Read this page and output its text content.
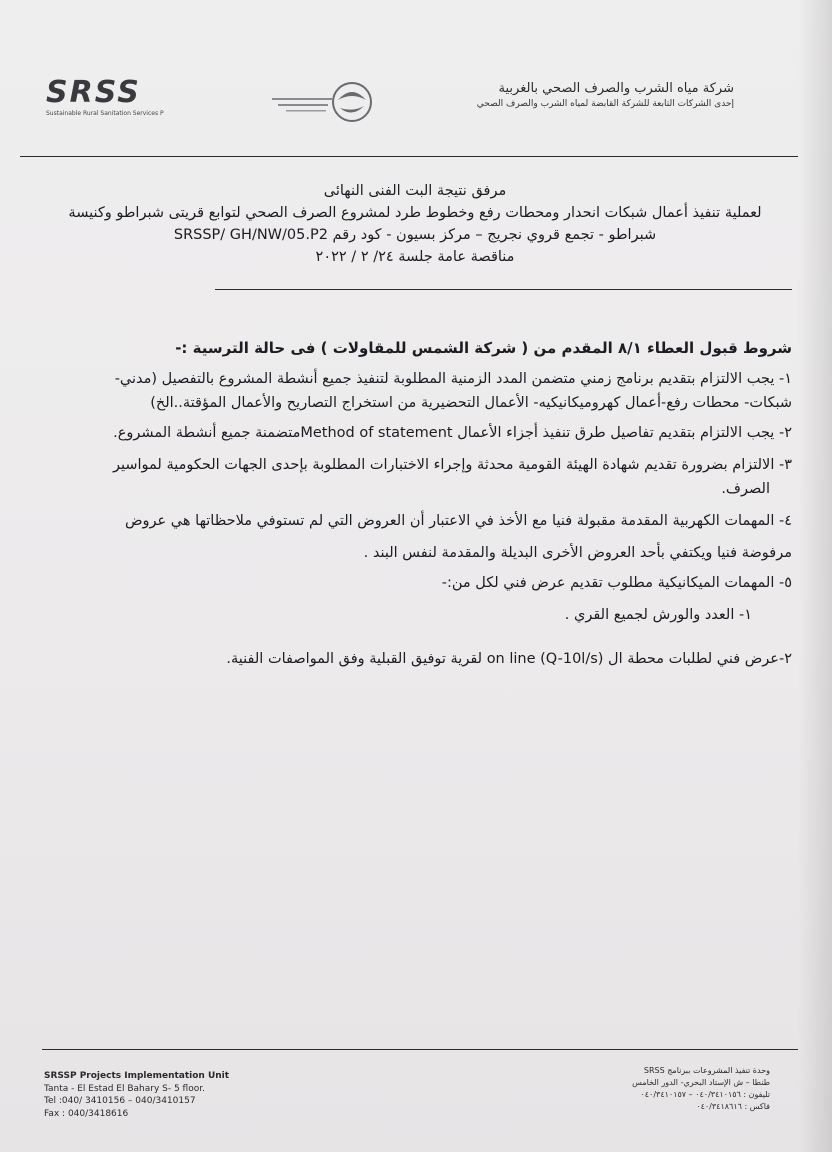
SRSS
Sustainable Rural Sanitation Services P
شركة مياه الشرب والصرف الصحي بالغربية
إحدى الشركات التابعة للشركة القابضة لمياه الشرب والصرف الصحي
مرفق نتيجة البت الفنى النهائى
لعملية تنفيذ أعمال شبكات انحدار ومحطات رفع وخطوط طرد لمشروع الصرف الصحي لتوابع قريتى شبراطو وكنيسة
شبراطو - تجمع قروي نجريج – مركز بسيون - كود رقم SRSSP/ GH/NW/05.P2
مناقصة عامة جلسة ٢٤/ ٢ / ٢٠٢٢
شروط قبول العطاء ٨/١ المقدم من ( شركة الشمس للمقاولات ) فى حالة الترسية :-
١- يجب الالتزام بتقديم برنامج زمني متضمن المدد الزمنية المطلوبة لتنفيذ جميع أنشطة المشروع بالتفصيل (مدني-
شبكات- محطات رفع-أعمال كهروميكانيكيه- الأعمال التحضيرية من استخراج التصاريح والأعمال المؤقتة..الخ)
٢- يجب الالتزام بتقديم تفاصيل طرق تنفيذ أجزاء الأعمال Method of statementمتضمنة جميع أنشطة المشروع.
٣- الالتزام بضرورة تقديم شهادة الهيئة القومية محدثة وإجراء الاختبارات المطلوبة بإحدى الجهات الحكومية لمواسير
الصرف.
٤- المهمات الكهربية المقدمة مقبولة فنيا مع الأخذ في الاعتبار أن العروض التي لم تستوفي ملاحظاتها هي عروض
مرفوضة فنيا ويكتفي بأحد العروض الأخرى البديلة والمقدمة لنفس البند .
٥- المهمات الميكانيكية مطلوب تقديم عرض فني لكل من:-
١- العدد والورش لجميع القري .
٢-عرض فني لطلبات محطة ال on line (Q-10l/s) لقرية توفيق القبلية وفق المواصفات الفنية.
SRSSP Projects Implementation Unit
Tanta - El Estad El Bahary S- 5 floor.
Tel :040/ 3410156 – 040/3410157
Fax : 040/3418616
وحدة تنفيذ المشروعات ببرنامج SRSS
طنطا – ش الإستاد البحري- الدور الخامس
تليفون : ٠٤٠/٣٤١٠١٥٦ – ٠٤٠/٣٤١٠١٥٧
فاكس : ٠٤٠/٣٤١٨٦١٦
